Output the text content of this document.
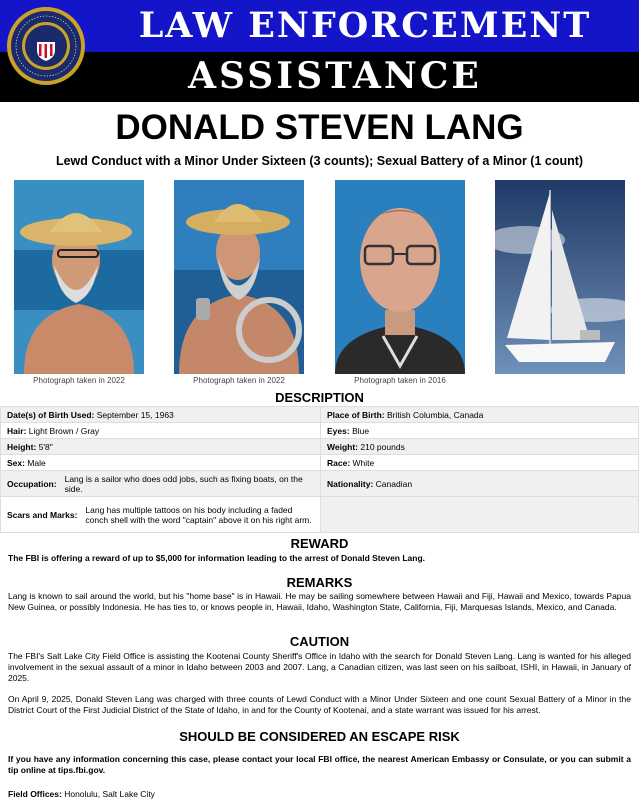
LAW ENFORCEMENT
ASSISTANCE
DONALD STEVEN LANG
Lewd Conduct with a Minor Under Sixteen (3 counts); Sexual Battery of a Minor (1 count)
Photograph taken in 2022	Photograph taken in 2022	Photograph taken in 2016
DESCRIPTION
Date(s) of Birth Used: September 15, 1963	Place of Birth: British Columbia, Canada
Hair: Light Brown / Gray	Eyes: Blue
Height: 5'8"	Weight: 210 pounds
Sex: Male	Race: White

Occupation: Lang is a sailor who does odd jobs, such as fixing boats, on the side.	Nationality: Canadian

Scars and Marks: Lang has multiple tattoos on his body including a faded conch shell with the word "captain" above it on his right arm.	

REWARD
The FBI is offering a reward of up to $5,000 for information leading to the arrest of Donald Steven Lang.
REMARKS
Lang is known to sail around the world, but his "home base" is in Hawaii. He may be sailing somewhere between Hawaii and Fiji, Hawaii and Mexico, towards Papua New Guinea, or possibly Indonesia. He has ties to, or knows people in, Hawaii, Idaho, Washington State, California, Fiji, Marquesas Islands, Mexico, and Canada.
CAUTION
The FBI's Salt Lake City Field Office is assisting the Kootenai County Sheriff's Office in Idaho with the search for Donald Steven Lang. Lang is wanted for his alleged involvement in the sexual assault of a minor in Idaho between 2003 and 2007. Lang, a Canadian citizen, was last seen on his sailboat, ISHI, in Hawaii, in January of 2025.
On April 9, 2025, Donald Steven Lang was charged with three counts of Lewd Conduct with a Minor Under Sixteen and one count Sexual Battery of a Minor in the District Court of the First Judicial District of the State of Idaho, in and for the County of Kootenai, and a state warrant was issued for his arrest.
SHOULD BE CONSIDERED AN ESCAPE RISK
If you have any information concerning this case, please contact your local FBI office, the nearest American Embassy or Consulate, or you can submit a tip online at tips.fbi.gov.
Field Offices: Honolulu, Salt Lake City
